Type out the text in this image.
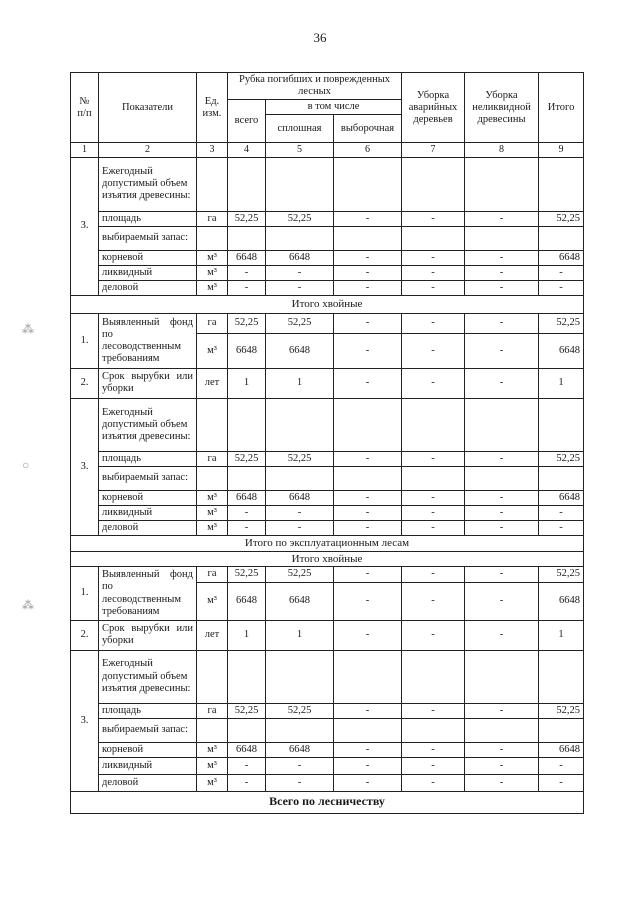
36
⁂
○
⁂
№ п/п	Показатели	Ед. изм.	Рубка погибших и поврежденных лесных			Уборка аварийных деревьев	Уборка неликвидной древесины	Итого
			всего	в том числе				
				сплошная	выборочная			
1	2	3	4	5	6	7	8	9
3.	Ежегодный допустимый объем изъятия древесины:							
	площадь	га	52,25	52,25	-	-	-	52,25
	выбираемый запас:							
	корневой	м³	6648	6648	-	-	-	6648
	ликвидный	м³	-	-	-	-	-	-
	деловой	м³	-	-	-	-	-	-
Итого хвойные								
1.	Выявленный фонд по лесоводственным требованиям	га	52,25	52,25	-	-	-	52,25
		м³	6648	6648	-	-	-	6648
2.	Срок вырубки или уборки	лет	1	1	-	-	-	1
3.	Ежегодный допустимый объем изъятия древесины:							
	площадь	га	52,25	52,25	-	-	-	52,25
	выбираемый запас:							
	корневой	м³	6648	6648	-	-	-	6648
	ликвидный	м³	-	-	-	-	-	-
	деловой	м³	-	-	-	-	-	-
Итого по эксплуатационным лесам								
Итого хвойные								
1.	Выявленный фонд по лесоводственным требованиям	га	52,25	52,25	-	-	-	52,25
		м³	6648	6648	-	-	-	6648
2.	Срок вырубки или уборки	лет	1	1	-	-	-	1
3.	Ежегодный допустимый объем изъятия древесины:							
	площадь	га	52,25	52,25	-	-	-	52,25
	выбираемый запас:							
	корневой	м³	6648	6648	-	-	-	6648
	ликвидный	м³	-	-	-	-	-	-
	деловой	м³	-	-	-	-	-	-
Всего по лесничеству								
